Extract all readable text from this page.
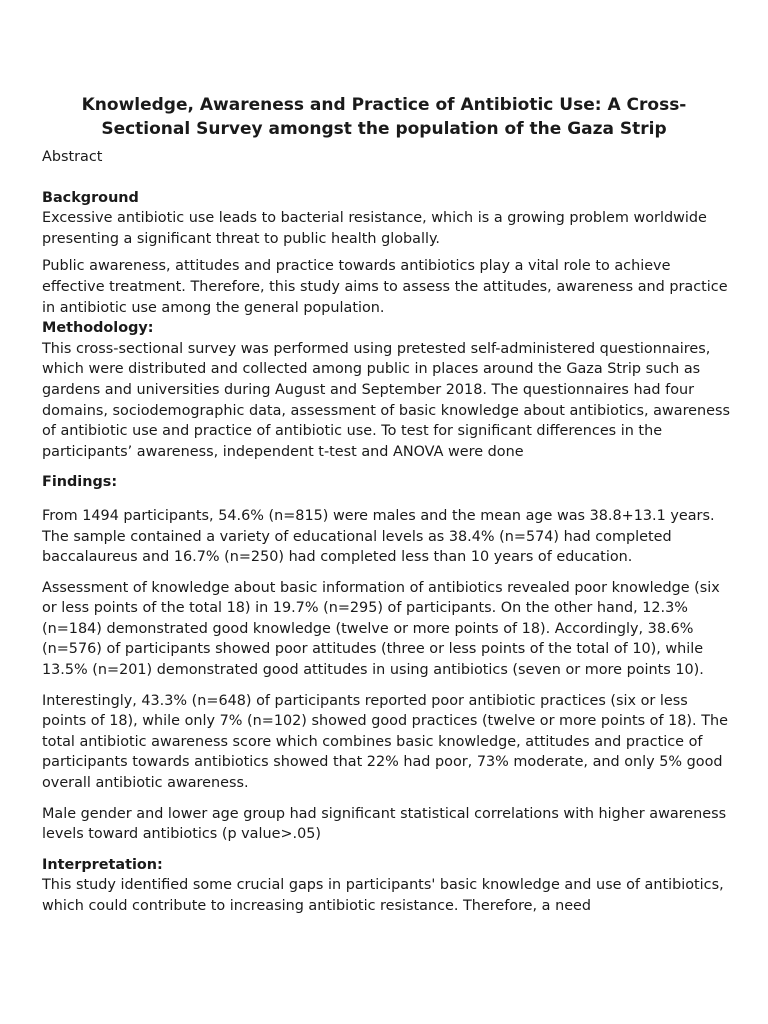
Knowledge, Awareness and Practice of Antibiotic Use: A Cross-Sectional Survey amongst the population of the Gaza Strip

Abstract

Background

Excessive antibiotic use leads to bacterial resistance, which is a growing problem worldwide presenting a significant threat to public health globally.

Public awareness, attitudes and practice towards antibiotics play a vital role to achieve effective treatment. Therefore, this study aims to assess the attitudes, awareness and practice in antibiotic use among the general population.

Methodology:

This cross-sectional survey was performed using pretested self-administered questionnaires, which were distributed and collected among public in places around the Gaza Strip such as gardens and universities during August and September 2018. The questionnaires had four domains, sociodemographic data, assessment of basic knowledge about antibiotics, awareness of antibiotic use and practice of antibiotic use. To test for significant differences in the participants’ awareness, independent t-test and ANOVA were done

Findings:

From 1494 participants, 54.6% (n=815) were males and the mean age was 38.8+13.1 years. The sample contained a variety of educational levels as 38.4% (n=574) had completed baccalaureus and 16.7% (n=250) had completed less than 10 years of education.

Assessment of knowledge about basic information of antibiotics revealed poor knowledge (six or less points of the total 18) in 19.7% (n=295) of participants. On the other hand, 12.3% (n=184) demonstrated good knowledge (twelve or more points of 18). Accordingly, 38.6% (n=576) of participants showed poor attitudes (three or less points of the total of 10), while 13.5% (n=201) demonstrated good attitudes in using antibiotics (seven or more points 10).

Interestingly, 43.3% (n=648) of participants reported poor antibiotic practices (six or less points of 18), while only 7% (n=102) showed good practices (twelve or more points of 18). The total antibiotic awareness score which combines basic knowledge, attitudes and practice of participants towards antibiotics showed that 22% had poor, 73% moderate, and only 5% good overall antibiotic awareness.

Male gender and lower age group had significant statistical correlations with higher awareness levels toward antibiotics (p value>.05)

Interpretation:

This study identified some crucial gaps in participants' basic knowledge and use of antibiotics, which could contribute to increasing antibiotic resistance. Therefore, a need
